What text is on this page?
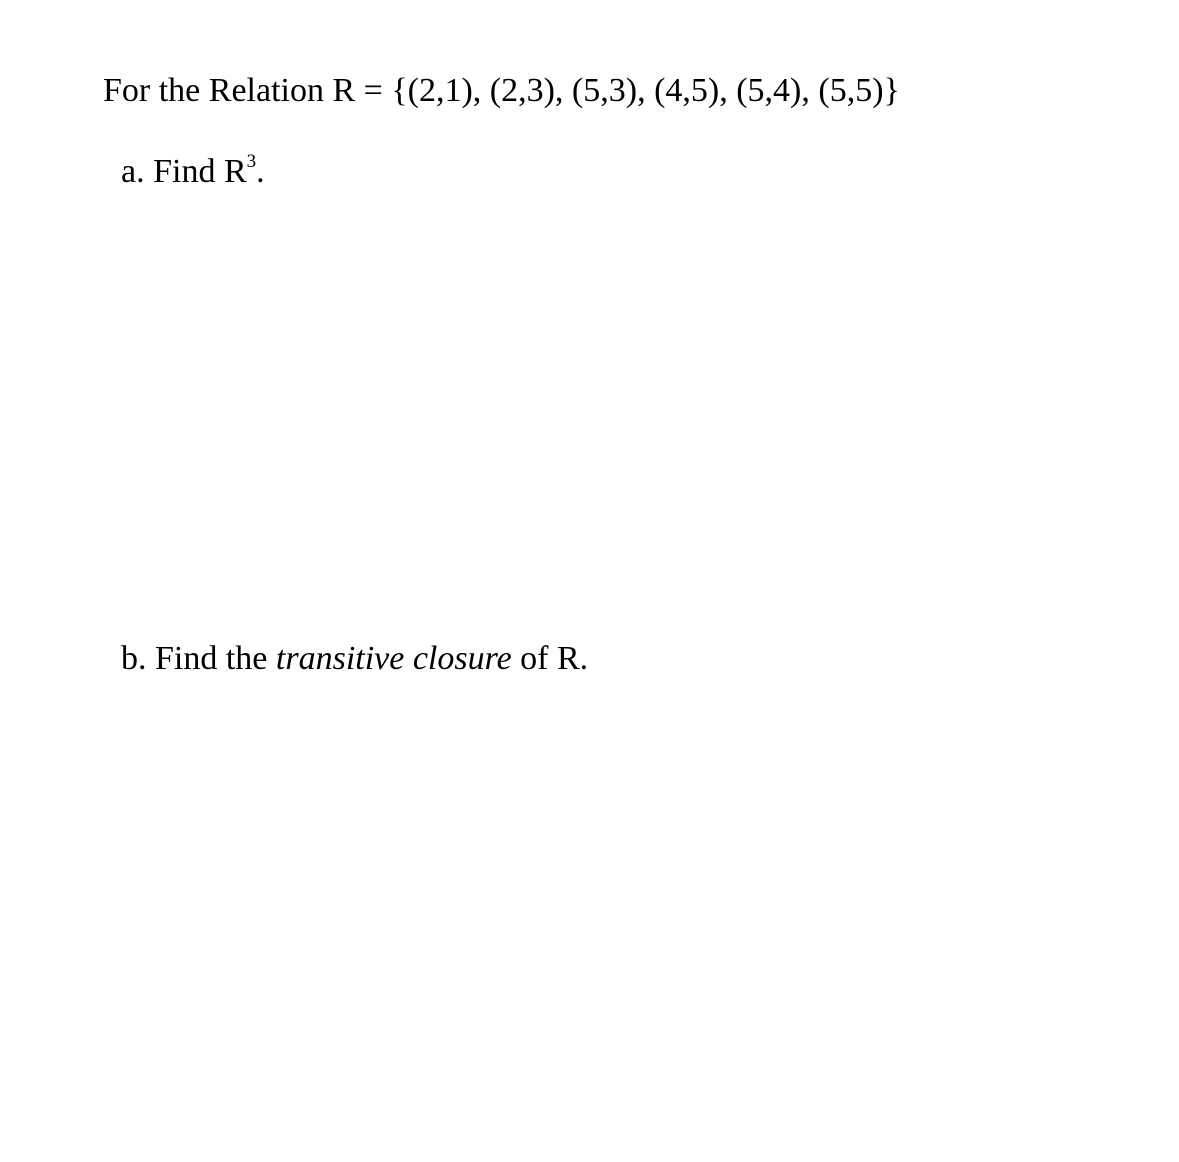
For the Relation R = {(2,1), (2,3), (5,3), (4,5), (5,4), (5,5)}
a. Find $R^3$.
b. Find the transitive closure of R.
